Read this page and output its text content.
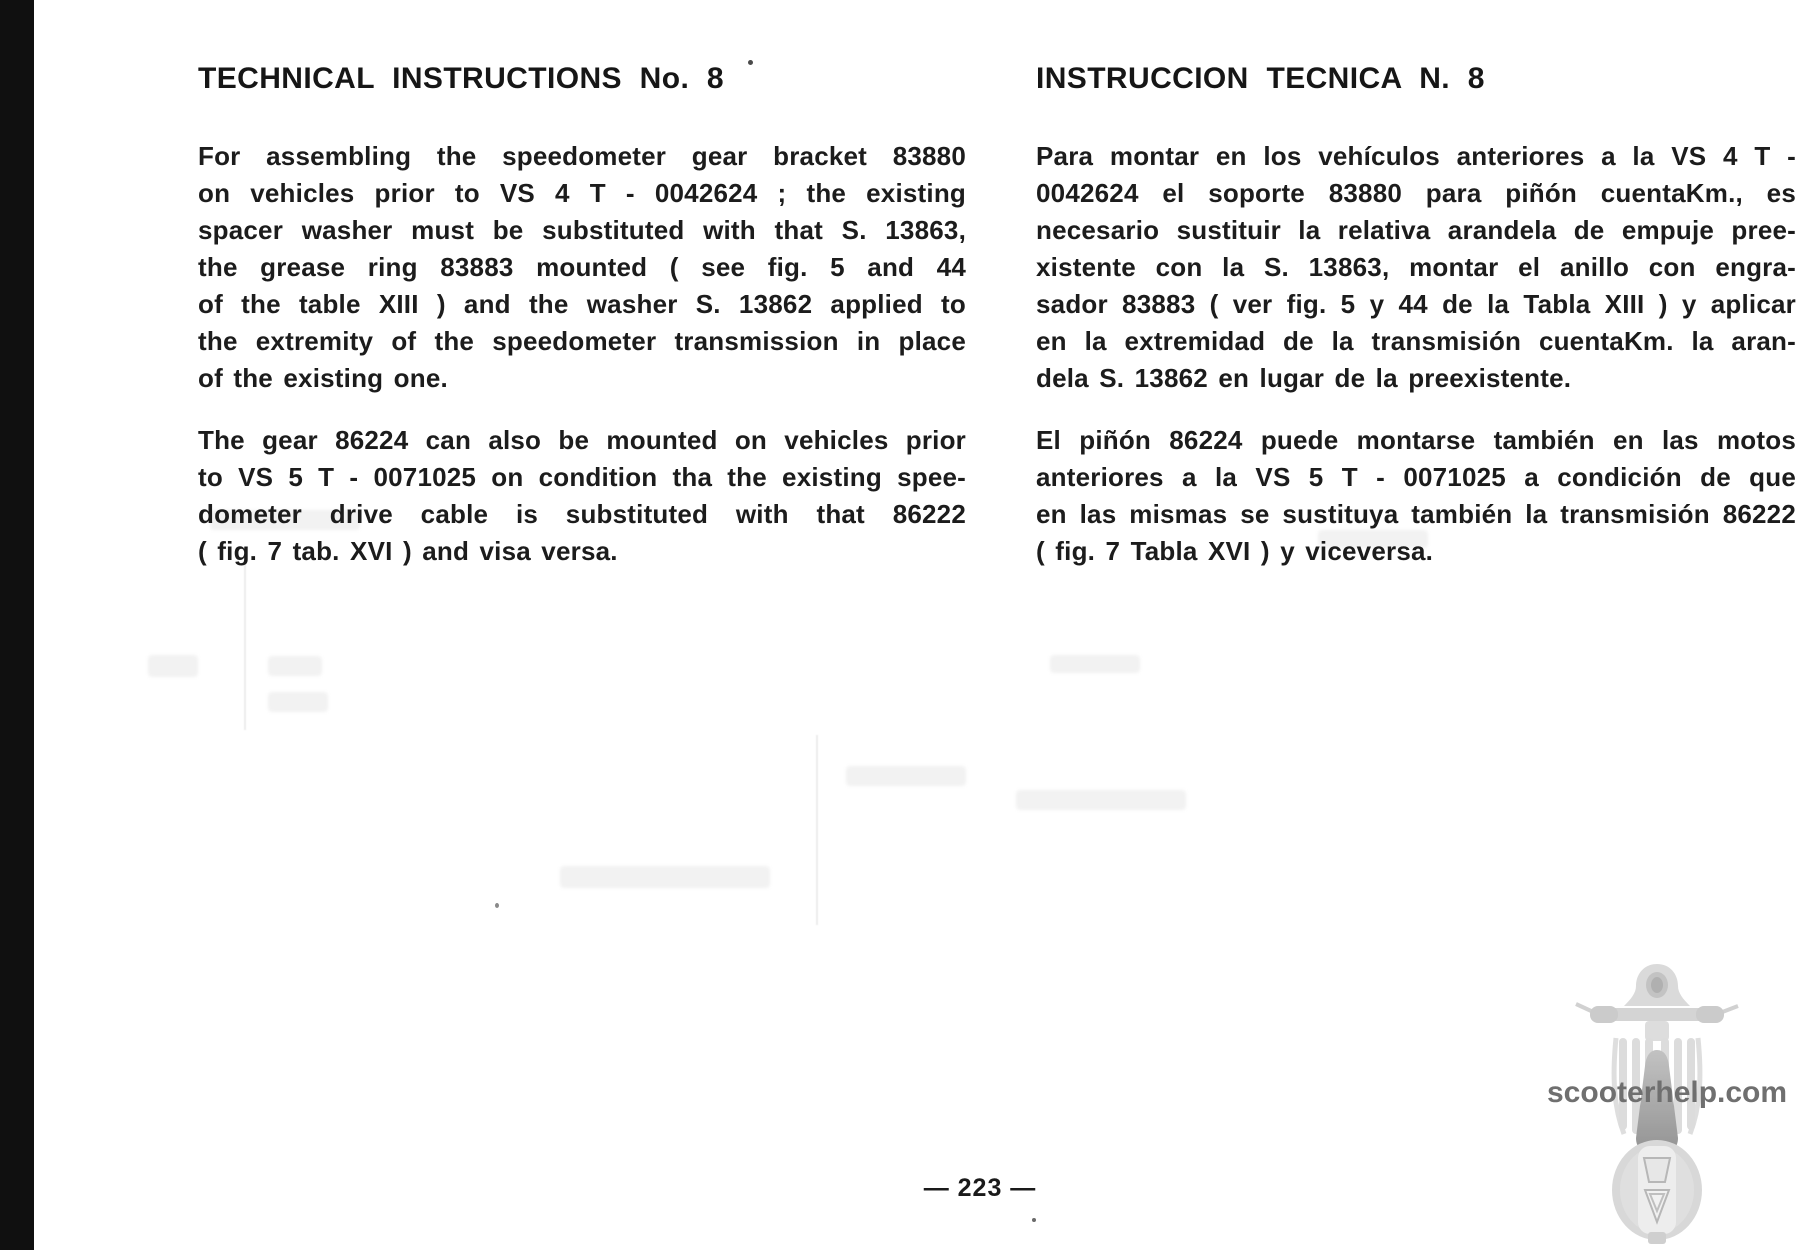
TECHNICAL INSTRUCTIONS No. 8
For assembling the speedometer gear bracket 83880
on vehicles prior to VS 4 T - 0042624 ; the existing
spacer washer must be substituted with that S. 13863,
the grease ring 83883 mounted ( see fig. 5 and 44
of the table XIII ) and the washer S. 13862 applied to
the extremity of the speedometer transmission in place
of the existing one.
The gear 86224 can also be mounted on vehicles prior
to VS 5 T - 0071025 on condition tha the existing spee-
dometer drive cable is substituted with that 86222
( fig. 7 tab. XVI ) and visa versa.
INSTRUCCION TECNICA N. 8
Para montar en los vehículos anteriores a la VS 4 T -
0042624 el soporte 83880 para piñón cuentaKm., es
necesario sustituir la relativa arandela de empuje pree-
xistente con la S. 13863, montar el anillo con engra-
sador 83883 ( ver fig. 5 y 44 de la Tabla XIII ) y aplicar
en la extremidad de la transmisión cuentaKm. la aran-
dela S. 13862 en lugar de la preexistente.
El piñón 86224 puede montarse también en las motos
anteriores a la VS 5 T - 0071025 a condición de que
en las mismas se sustituya también la transmisión 86222
( fig. 7 Tabla XVI ) y viceversa.
scooterhelp.com
— 223 —
